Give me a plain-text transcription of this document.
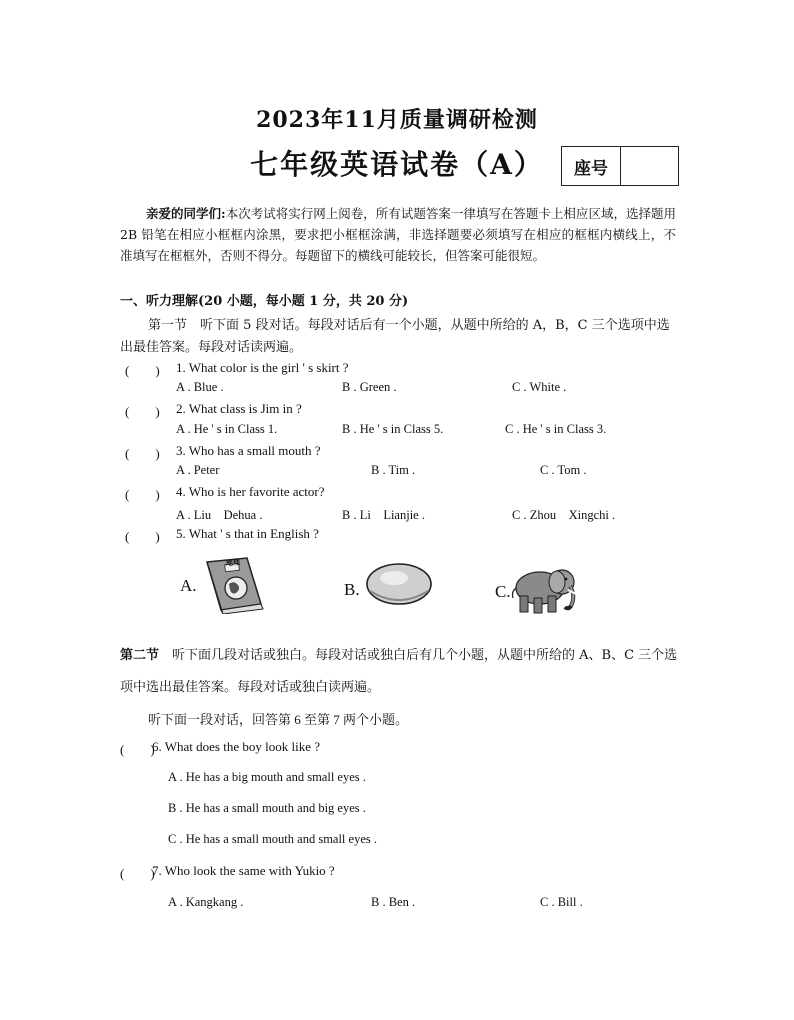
2023年11月质量调研检测
七年级英语试卷（A）	座号
亲爱的同学们:本次考试将实行网上阅卷，所有试题答案一律填写在答题卡上相应区域，选择题用 2B 铅笔在相应小框框内涂黑，要求把小框框涂满，非选择题要必须填写在相应的框框内横线上，不准填写在框框外，否则不得分。每题留下的横线可能较长，但答案可能很短。
一、听力理解(20 小题，每小题 1 分，共 20 分)
第一节　 听下面 5 段对话。每段对话后有一个小题，从题中所给的 A，B，C 三个选项中选出最佳答案。每段对话读两遍。
(　　) 1. What color is the girl ' s skirt ?
A . Blue .	B . Green .	C . White .
(　　) 2. What class is Jim in ?
A . He ' s in Class 1.	B . He ' s in Class 5.	C . He ' s in Class 3.
(　　) 3. Who has a small mouth ?
A . Peter	B . Tim .	C . Tom .
(　　) 4. Who is her favorite actor?
A . Liu　Dehua .	B . Li　Lianjie .	C . Zhou　Xingchi .
(　　) 5. What ' s that in English ?
A.
地理
B.	C.
第二节　 听下面几段对话或独白。每段对话或独白后有几个小题，从题中所给的 A、B、C 三个选项中选出最佳答案。每段对话或独白读两遍。
听下面一段对话，回答第 6 至第 7 两个小题。
(　　)
6. What does the boy look like ?
A . He has a big mouth and small eyes .
B . He has a small mouth and big eyes .
C . He has a small mouth and small eyes .
(　　)
7. Who look the same with Yukio ?
A . Kangkang .	B . Ben .	C . Bill .
